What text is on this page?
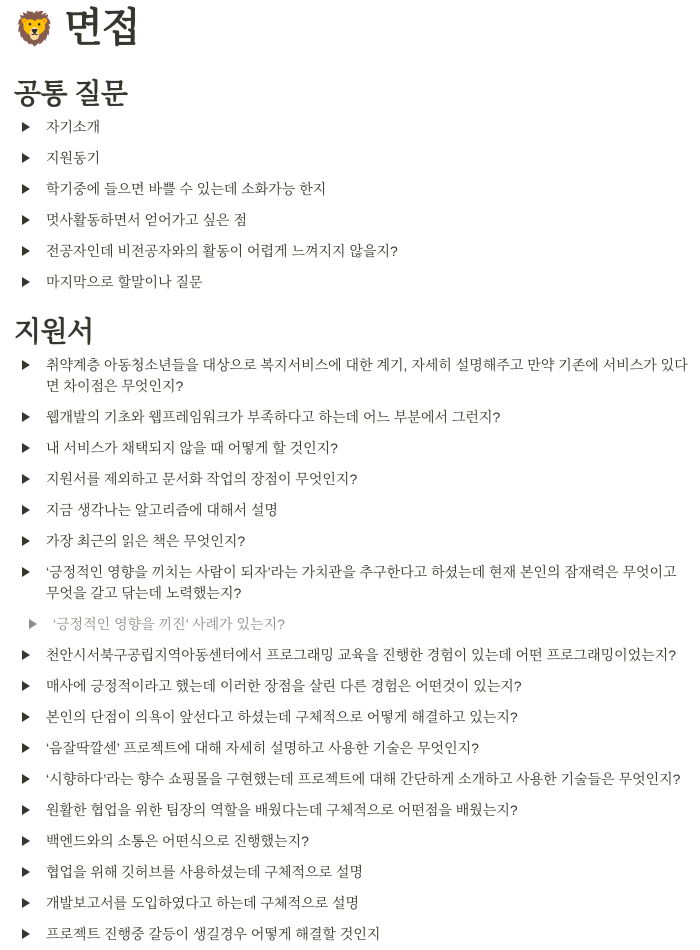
🦁 면접
공통 질문
자기소개
지원동기
학기중에 들으면 바쁠 수 있는데 소화가능 한지
멋사활동하면서 얻어가고 싶은 점
전공자인데 비전공자와의 활동이 어렵게 느껴지지 않을지?
마지막으로 할말이나 질문
지원서
취약계층 아동청소년들을 대상으로 복지서비스에 대한 계기, 자세히 설명해주고 만약 기존에 서비스가 있다면 차이점은 무엇인지?
웹개발의 기초와 웹프레임워크가 부족하다고 하는데 어느 부분에서 그런지?
내 서비스가 채택되지 않을 때 어떻게 할 것인지?
지원서를 제외하고 문서화 작업의 장점이 무엇인지?
지금 생각나는 알고리즘에 대해서 설명
가장 최근의 읽은 책은 무엇인지?
‘긍정적인 영향을 끼치는 사람이 되자’라는 가치관을 추구한다고 하셨는데 현재 본인의 잠재력은 무엇이고 무엇을 갈고 닦는데 노력했는지?
‘긍정적인 영향을 끼진’ 사례가 있는지?
천안시서북구공립지역아동센터에서 프로그래밍 교육을 진행한 경험이 있는데 어떤 프로그래밍이었는지?
매사에 긍정적이라고 했는데 이러한 장점을 살린 다른 경험은 어떤것이 있는지?
본인의 단점이 의욕이 앞선다고 하셨는데 구체적으로 어떻게 해결하고 있는지?
‘음잘딱깔센’ 프로젝트에 대해 자세히 설명하고 사용한 기술은 무엇인지?
‘시향하다’라는 향수 쇼핑몰을 구현했는데 프로젝트에 대해 간단하게 소개하고 사용한 기술들은 무엇인지?
원활한 협업을 위한 팀장의 역할을 배웠다는데 구체적으로 어떤점을 배웠는지?
백엔드와의 소통은 어떤식으로 진행했는지?
협업을 위해 깃허브를 사용하셨는데 구체적으로 설명
개발보고서를 도입하였다고 하는데 구체적으로 설명
프로젝트 진행중 갈등이 생길경우 어떻게 해결할 것인지
